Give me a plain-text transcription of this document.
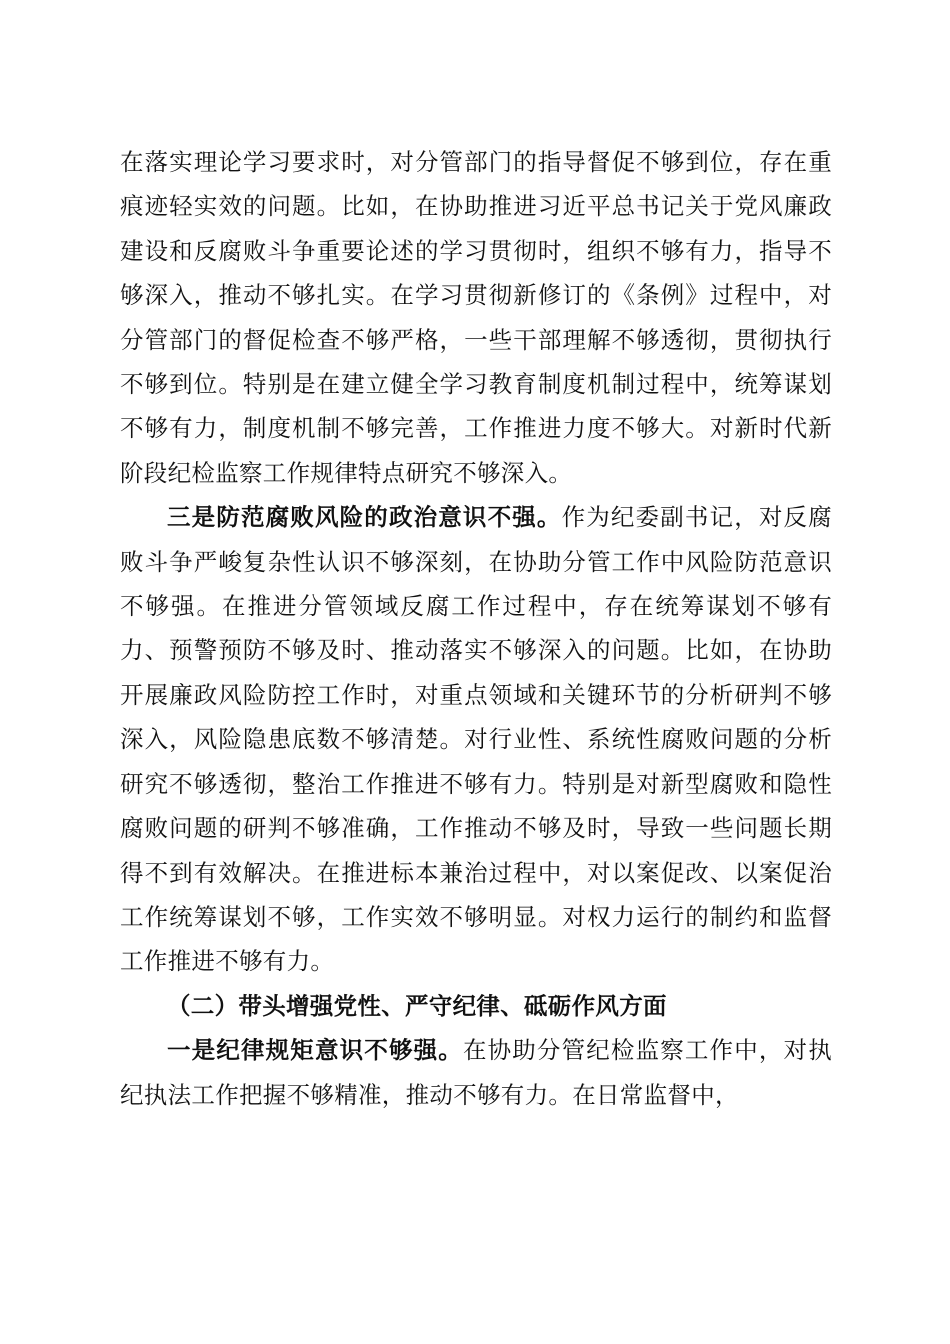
在落实理论学习要求时，对分管部门的指导督促不够到位，存在重痕迹轻实效的问题。比如，在协助推进习近平总书记关于党风廉政建设和反腐败斗争重要论述的学习贯彻时，组织不够有力，指导不够深入，推动不够扎实。在学习贯彻新修订的《条例》过程中，对分管部门的督促检查不够严格，一些干部理解不够透彻，贯彻执行不够到位。特别是在建立健全学习教育制度机制过程中，统筹谋划不够有力，制度机制不够完善，工作推进力度不够大。对新时代新阶段纪检监察工作规律特点研究不够深入。

三是防范腐败风险的政治意识不强。作为纪委副书记，对反腐败斗争严峻复杂性认识不够深刻，在协助分管工作中风险防范意识不够强。在推进分管领域反腐工作过程中，存在统筹谋划不够有力、预警预防不够及时、推动落实不够深入的问题。比如，在协助开展廉政风险防控工作时，对重点领域和关键环节的分析研判不够深入，风险隐患底数不够清楚。对行业性、系统性腐败问题的分析研究不够透彻，整治工作推进不够有力。特别是对新型腐败和隐性腐败问题的研判不够准确，工作推动不够及时，导致一些问题长期得不到有效解决。在推进标本兼治过程中，对以案促改、以案促治工作统筹谋划不够，工作实效不够明显。对权力运行的制约和监督工作推进不够有力。

（二）带头增强党性、严守纪律、砥砺作风方面

一是纪律规矩意识不够强。在协助分管纪检监察工作中，对执纪执法工作把握不够精准，推动不够有力。在日常监督中，
